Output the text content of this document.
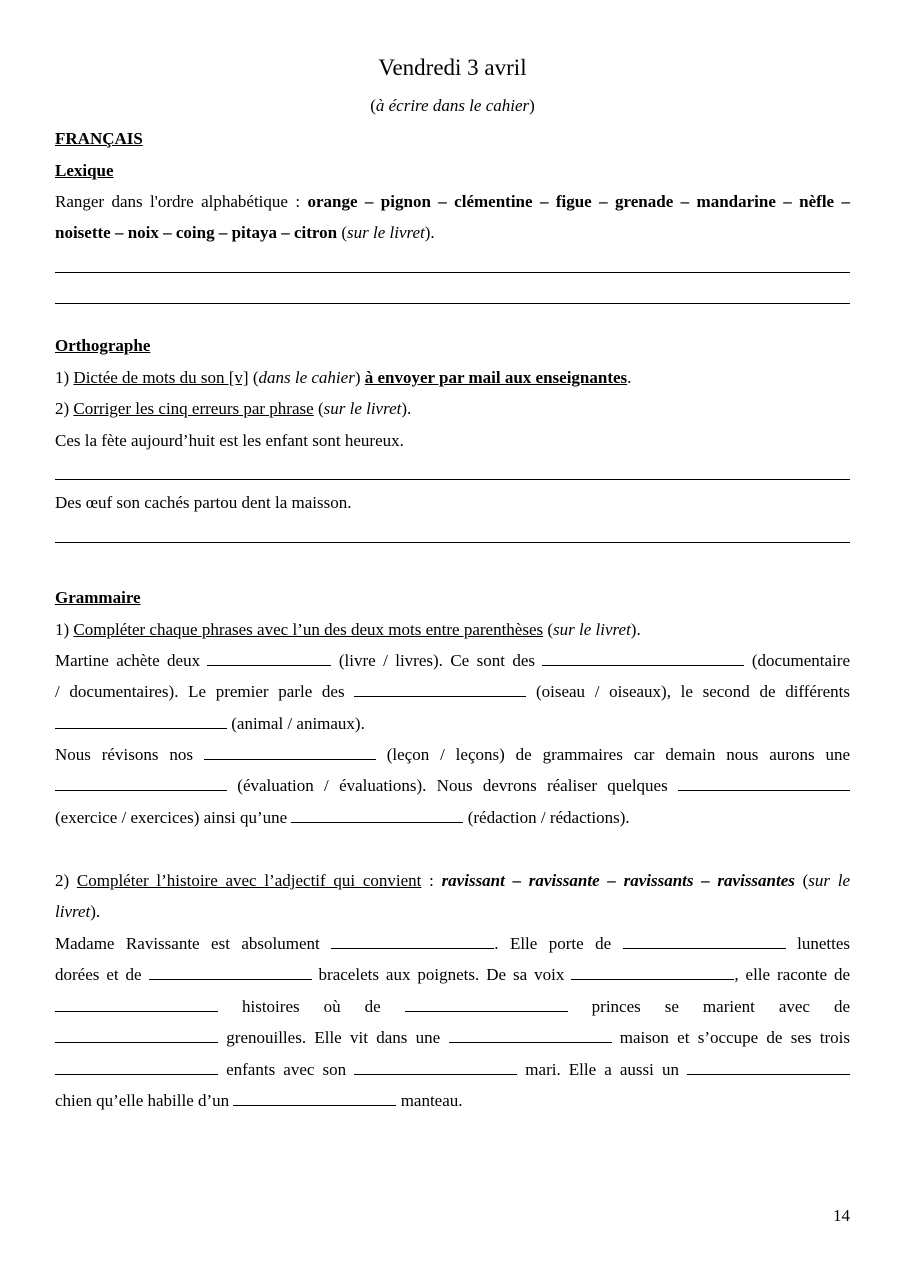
Vendredi 3 avril
(à écrire dans le cahier)
FRANÇAIS
Lexique
Ranger dans l'ordre alphabétique : orange – pignon – clémentine – figue – grenade – mandarine – nèfle –
noisette – noix – coing – pitaya – citron (sur le livret).
Orthographe
1) Dictée de mots du son [v] (dans le cahier) à envoyer par mail aux enseignantes.
2) Corriger les cinq erreurs par phrase (sur le livret).
Ces la fète aujourd’huit est les enfant sont heureux.
Des œuf son cachés partou dent la maisson.
Grammaire
1) Compléter chaque phrases avec l’un des deux mots entre parenthèses (sur le livret).
Martine achète deux	(livre / livres). Ce sont des	(documentaire
/ documentaires). Le premier parle des	(oiseau / oiseaux), le second de différents
(animal / animaux).
Nous révisons nos	(leçon / leçons) de grammaires car demain nous aurons une
(évaluation / évaluations). Nous devrons réaliser quelques
(exercice / exercices) ainsi qu’une	(rédaction / rédactions).
2) Compléter l’histoire avec l’adjectif qui convient : ravissant – ravissante – ravissants – ravissantes (sur le
livret).
Madame Ravissante est absolument	. Elle porte de	lunettes
dorées et de	bracelets aux poignets. De sa voix	, elle raconte de
histoires où de	princes se marient avec de
grenouilles. Elle vit dans une	maison et s’occupe de ses trois
enfants avec son	mari. Elle a aussi un
chien qu’elle habille d’un	manteau.
14
